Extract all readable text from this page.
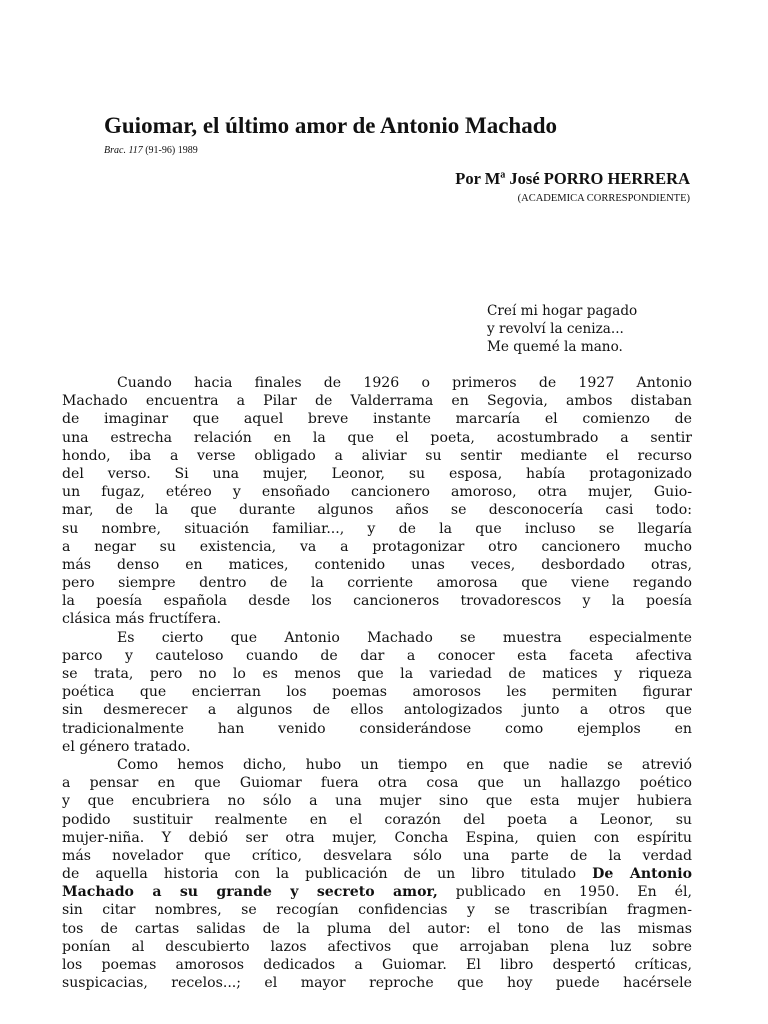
Guiomar, el último amor de Antonio Machado
Brac. 117 (91-96) 1989
Por Mª José PORRO HERRERA
(ACADEMICA CORRESPONDIENTE)
Creí mi hogar pagado
y revolví la ceniza...
Me quemé la mano.
Cuando hacia finales de 1926 o primeros de 1927 Antonio
Machado encuentra a Pilar de Valderrama en Segovia, ambos distaban
de imaginar que aquel breve instante marcaría el comienzo de
una estrecha relación en la que el poeta, acostumbrado a sentir
hondo, iba a verse obligado a aliviar su sentir mediante el recurso
del verso. Si una mujer, Leonor, su esposa, había protagonizado
un fugaz, etéreo y ensoñado cancionero amoroso, otra mujer, Guio-
mar, de la que durante algunos años se desconocería casi todo:
su nombre, situación familiar..., y de la que incluso se llegaría
a negar su existencia, va a protagonizar otro cancionero mucho
más denso en matices, contenido unas veces, desbordado otras,
pero siempre dentro de la corriente amorosa que viene regando
la poesía española desde los cancioneros trovadorescos y la poesía
clásica más fructífera.
Es cierto que Antonio Machado se muestra especialmente
parco y cauteloso cuando de dar a conocer esta faceta afectiva
se trata, pero no lo es menos que la variedad de matices y riqueza
poética que encierran los poemas amorosos les permiten figurar
sin desmerecer a algunos de ellos antologizados junto a otros que
tradicionalmente han venido considerándose como ejemplos en
el género tratado.
Como hemos dicho, hubo un tiempo en que nadie se atrevió
a pensar en que Guiomar fuera otra cosa que un hallazgo poético
y que encubriera no sólo a una mujer sino que esta mujer hubiera
podido sustituir realmente en el corazón del poeta a Leonor, su
mujer-niña. Y debió ser otra mujer, Concha Espina, quien con espíritu
más novelador que crítico, desvelara sólo una parte de la verdad
de aquella historia con la publicación de un libro titulado De Antonio
Machado a su grande y secreto amor, publicado en 1950. En él,
sin citar nombres, se recogían confidencias y se trascribían fragmen-
tos de cartas salidas de la pluma del autor: el tono de las mismas
ponían al descubierto lazos afectivos que arrojaban plena luz sobre
los poemas amorosos dedicados a Guiomar. El libro despertó críticas,
suspicacias, recelos...; el mayor reproche que hoy puede hacérsele
